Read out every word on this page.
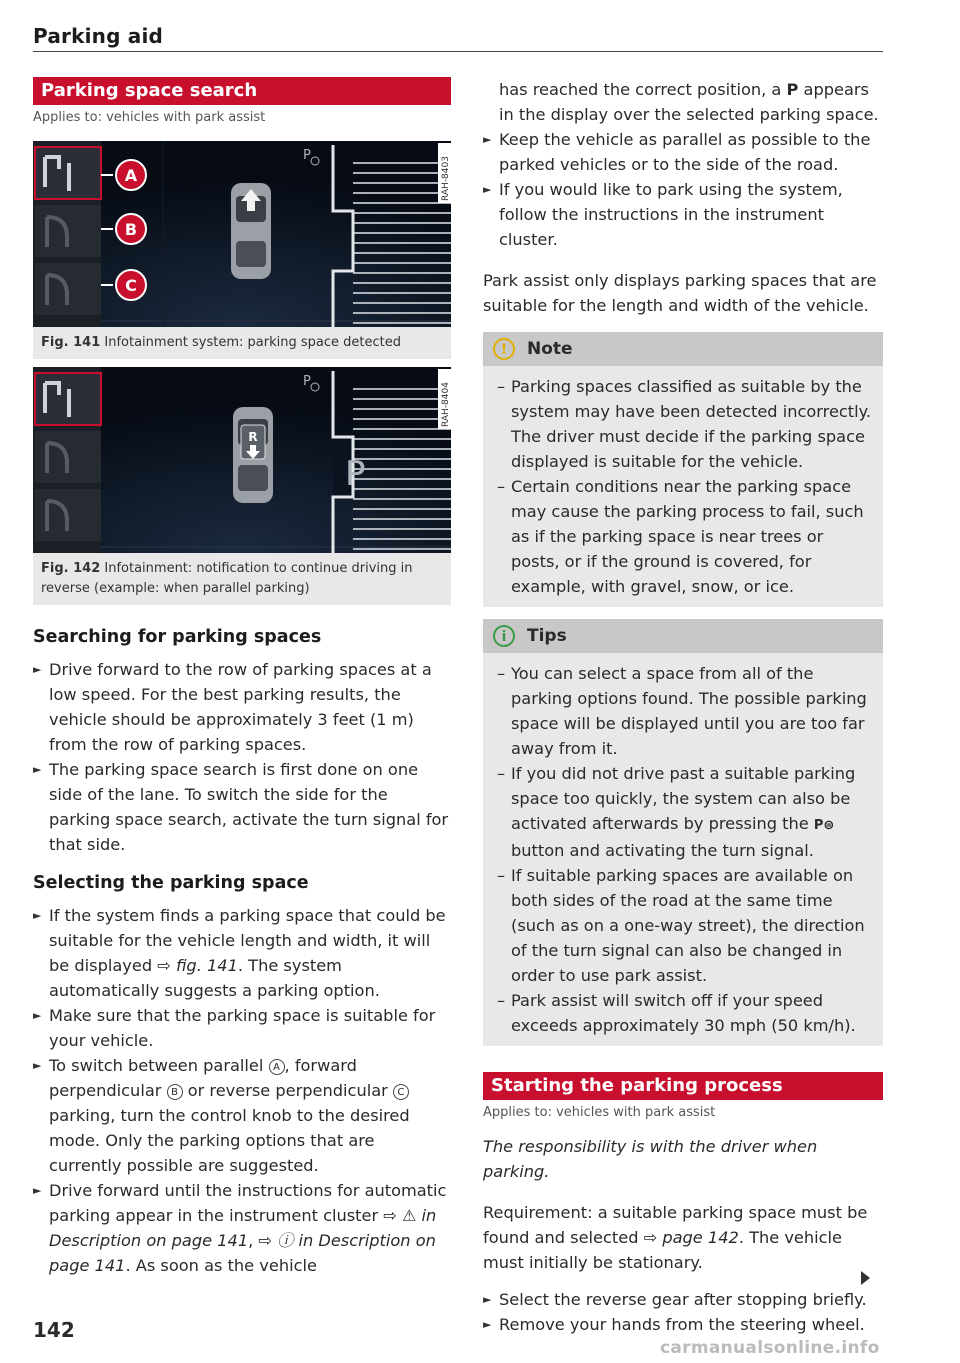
Parking aid
Parking space search
Applies to: vehicles with park assist
P
A
B
C
RAH-8403
Fig. 141 Infotainment system: parking space detected
R
P
P
RAH-8404
Fig. 142 Infotainment: notification to continue driving in reverse (example: when parallel parking)
Searching for parking spaces
► Drive forward to the row of parking spaces at a low speed. For the best parking results, the vehicle should be approximately 3 feet (1 m) from the row of parking spaces.
► The parking space search is first done on one side of the lane. To switch the side for the parking space search, activate the turn signal for that side.
Selecting the parking space
► If the system finds a parking space that could be suitable for the vehicle length and width, it will be displayed ⇨ fig. 141. The system automatically suggests a parking option.
► Make sure that the parking space is suitable for your vehicle.
► To switch between parallel A , forward perpendicular B or reverse perpendicular C parking, turn the control knob to the desired mode. Only the parking options that are currently possible are suggested.
► Drive forward until the instructions for automatic parking appear in the instrument cluster ⇨ ⚠ in Description on page 141, ⇨ ⓘ in Description on page 141. As soon as the vehicle
has reached the correct position, a P appears in the display over the selected parking space.
► Keep the vehicle as parallel as possible to the parked vehicles or to the side of the road.
► If you would like to park using the system, follow the instructions in the instrument cluster.
Park assist only displays parking spaces that are suitable for the length and width of the vehicle.
!	Note
– Parking spaces classified as suitable by the system may have been detected incorrectly. The driver must decide if the parking space displayed is suitable for the vehicle.
– Certain conditions near the parking space may cause the parking process to fail, such as if the parking space is near trees or posts, or if the ground is covered, for example, with gravel, snow, or ice.
i	Tips
– You can select a space from all of the parking options found. The possible parking space will be displayed until you are too far away from it.
– If you did not drive past a suitable parking space too quickly, the system can also be activated afterwards by pressing the P⊜ button and activating the turn signal.
– If suitable parking spaces are available on both sides of the road at the same time (such as on a one-way street), the direction of the turn signal can also be changed in order to use park assist.
– Park assist will switch off if your speed exceeds approximately 30 mph (50 km/h).
Starting the parking process
Applies to: vehicles with park assist
The responsibility is with the driver when parking.
Requirement: a suitable parking space must be found and selected ⇨ page 142. The vehicle must initially be stationary.
► Select the reverse gear after stopping briefly.
► Remove your hands from the steering wheel.
142
carmanualsonline.info
